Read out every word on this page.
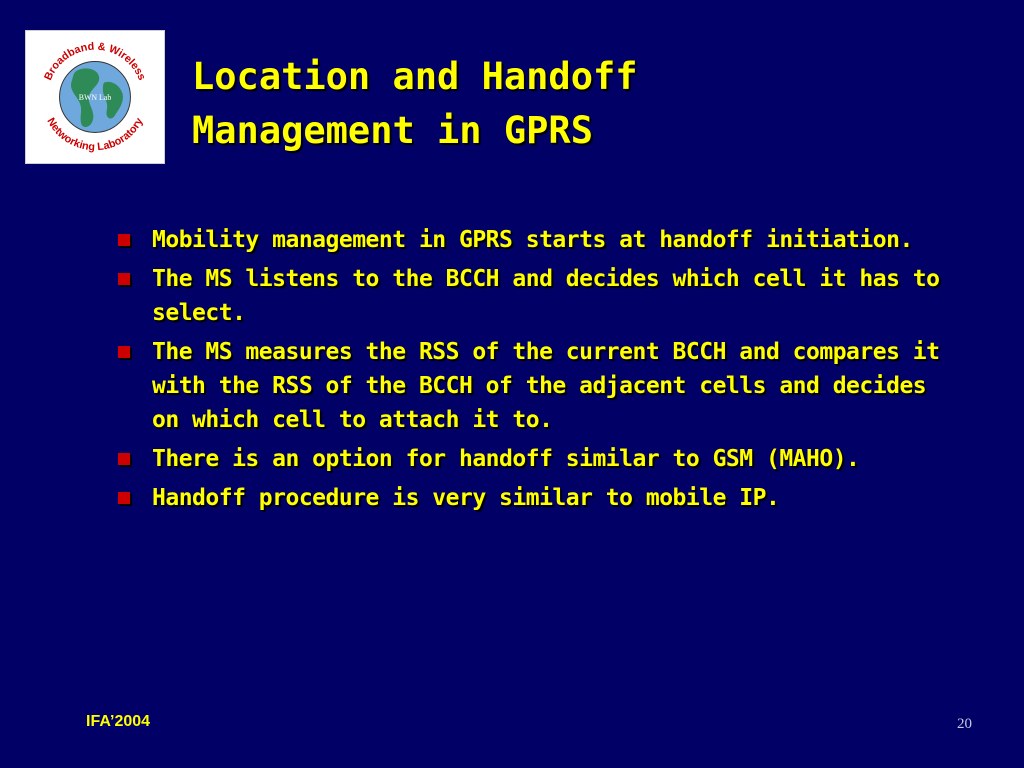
Broadband & Wireless
Networking Laboratory
BWN Lab Location and Handoff
Management in GPRS
Mobility management in GPRS starts at handoff initiation.
The MS listens to the BCCH and decides which cell it has to select.
The MS measures the RSS of the current BCCH and compares it with the RSS of the BCCH of the adjacent cells and decides on which cell to attach it to.
There is an option for handoff similar to GSM (MAHO).
Handoff procedure is very similar to mobile IP.
IFA’2004	20
